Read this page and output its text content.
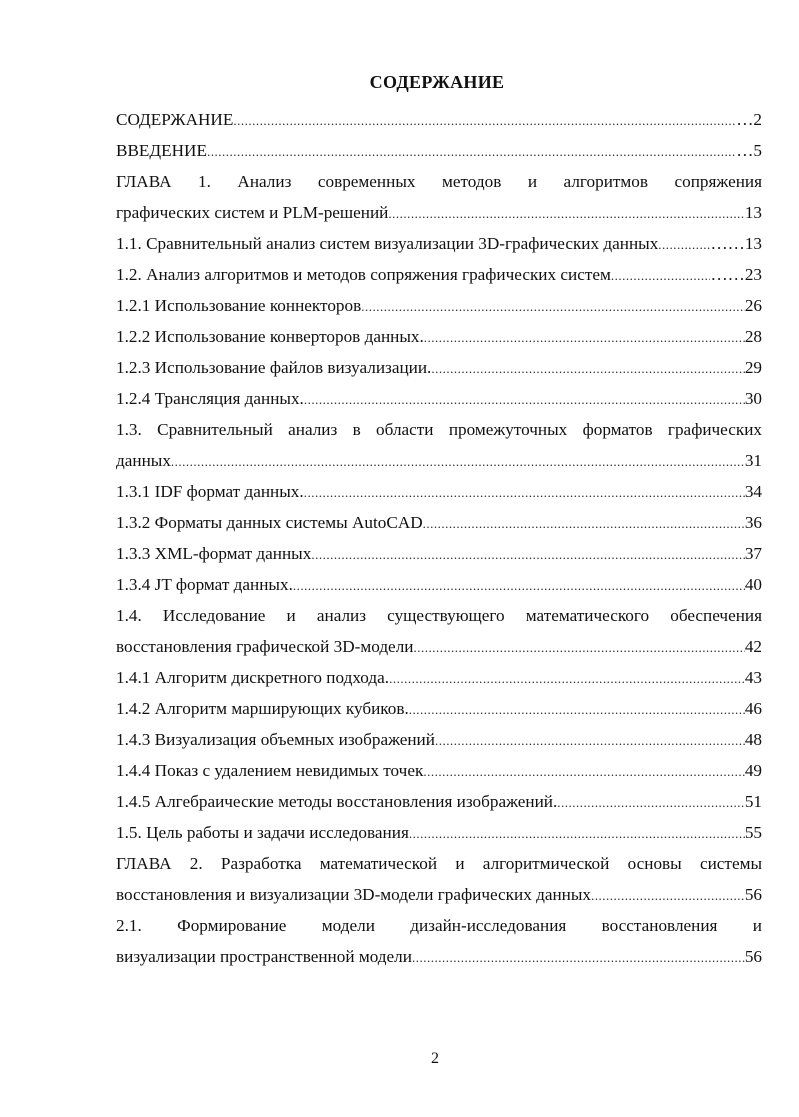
СОДЕРЖАНИЕ
СОДЕРЖАНИЕ .....	…2
ВВЕДЕНИЕ .....	…5
ГЛАВА 1. Анализ современных методов и алгоритмов сопряжения
графических систем и PLM-решений .....	13
1.1. Сравнительный анализ систем визуализации 3D-графических данных .....	……13
1.2. Анализ алгоритмов и методов сопряжения графических систем .....	……23
1.2.1 Использование коннекторов .....	26
1.2.2 Использование конверторов данных. .....	28
1.2.3 Использование файлов визуализации. .....	29
1.2.4 Трансляция данных. .....	30
1.3. Сравнительный анализ в области промежуточных форматов графических
данных .....	31
1.3.1 IDF формат данных. .....	34
1.3.2 Форматы данных системы AutoCAD .....	36
1.3.3 XML-формат данных .....	37
1.3.4 JT формат данных. .....	40
1.4. Исследование и анализ существующего математического обеспечения
восстановления графической 3D-модели .....	42
1.4.1 Алгоритм дискретного подхода. .....	43
1.4.2 Алгоритм марширующих кубиков. .....	46
1.4.3 Визуализация объемных изображений .....	48
1.4.4 Показ с удалением невидимых точек .....	49
1.4.5 Алгебраические методы восстановления изображений. .....	51
1.5. Цель работы и задачи исследования .....	55
ГЛАВА 2. Разработка математической и алгоритмической основы системы
восстановления и визуализации 3D-модели графических данных .....	56
2.1. Формирование модели дизайн-исследования восстановления и
визуализации пространственной модели .....	56
2
